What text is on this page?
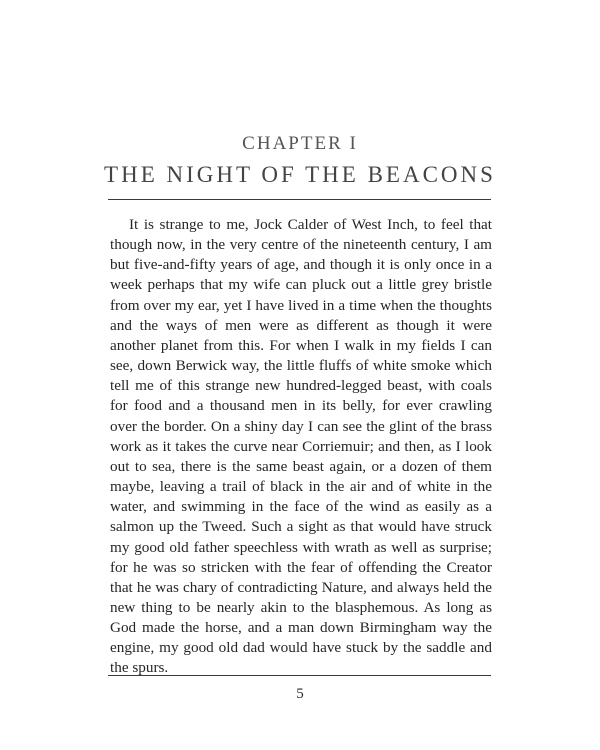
CHAPTER I
THE NIGHT OF THE BEACONS

It is strange to me, Jock Calder of West Inch, to feel that though now, in the very centre of the nineteenth century, I am but five-and-fifty years of age, and though it is only once in a week perhaps that my wife can pluck out a little grey bristle from over my ear, yet I have lived in a time when the thoughts and the ways of men were as different as though it were another planet from this. For when I walk in my fields I can see, down Berwick way, the little fluffs of white smoke which tell me of this strange new hundred-legged beast, with coals for food and a thousand men in its belly, for ever crawling over the border. On a shiny day I can see the glint of the brass work as it takes the curve near Corriemuir; and then, as I look out to sea, there is the same beast again, or a dozen of them maybe, leaving a trail of black in the air and of white in the water, and swimming in the face of the wind as easily as a salmon up the Tweed. Such a sight as that would have struck my good old father speechless with wrath as well as surprise; for he was so stricken with the fear of offending the Creator that he was chary of contradicting Nature, and always held the new thing to be nearly akin to the blasphemous. As long as God made the horse, and a man down Birmingham way the engine, my good old dad would have stuck by the saddle and the spurs.

5
